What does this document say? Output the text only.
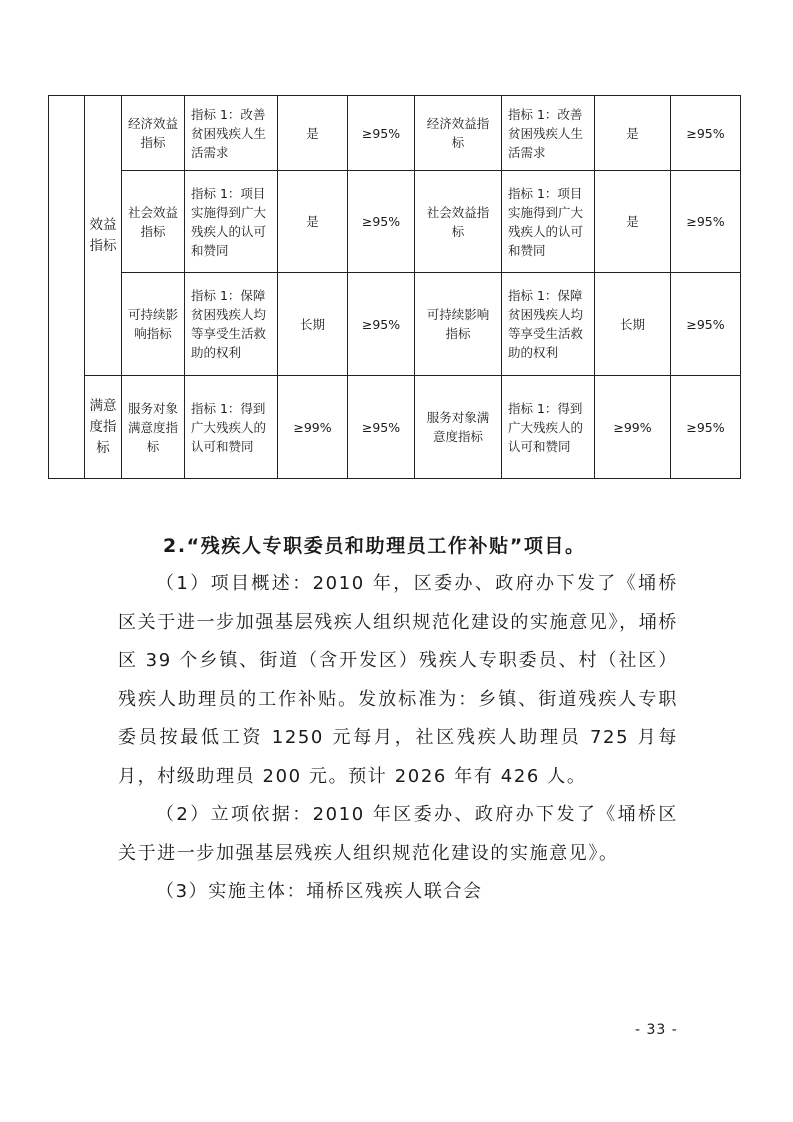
	效益指标	经济效益指标	指标 1：改善贫困残疾人生活需求	是	≥95%	经济效益指标	指标 1：改善贫困残疾人生活需求	是	≥95%
		社会效益指标	指标 1：项目实施得到广大残疾人的认可和赞同	是	≥95%	社会效益指标	指标 1：项目实施得到广大残疾人的认可和赞同	是	≥95%
		可持续影响指标	指标 1：保障贫困残疾人均等享受生活救助的权利	长期	≥95%	可持续影响指标	指标 1：保障贫困残疾人均等享受生活救助的权利	长期	≥95%
	满意度指标	服务对象满意度指标	指标 1：得到广大残疾人的认可和赞同	≥99%	≥95%	服务对象满意度指标	指标 1：得到广大残疾人的认可和赞同	≥99%	≥95%
2.“残疾人专职委员和助理员工作补贴”项目。

（1）项目概述：2010 年，区委办、政府办下发了《埇桥区关于进一步加强基层残疾人组织规范化建设的实施意见》，埇桥区 39 个乡镇、街道（含开发区）残疾人专职委员、村（社区）残疾人助理员的工作补贴。发放标准为：乡镇、街道残疾人专职委员按最低工资 1250 元每月，社区残疾人助理员 725 月每月，村级助理员 200 元。预计 2026 年有 426 人。

（2）立项依据：2010 年区委办、政府办下发了《埇桥区关于进一步加强基层残疾人组织规范化建设的实施意见》。

（3）实施主体：埇桥区残疾人联合会

- 33 -
